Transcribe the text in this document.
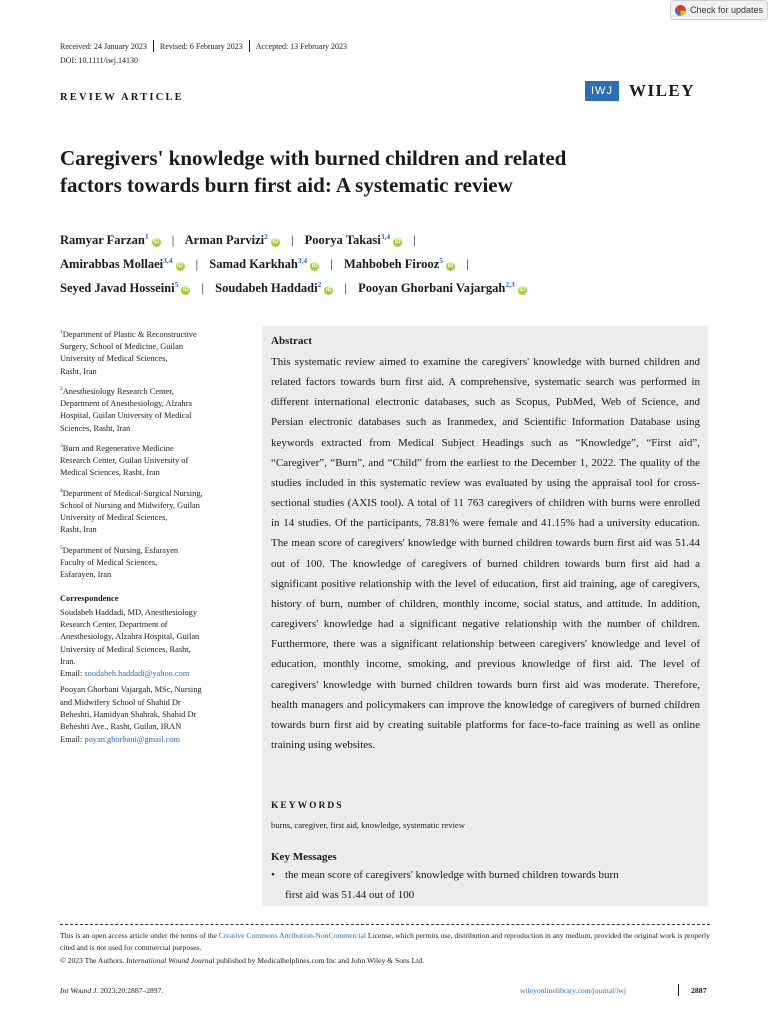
Check for updates
Received: 24 January 2023 Revised: 6 February 2023 Accepted: 13 February 2023
DOI: 10.1111/iwj.14130
REVIEW ARTICLE
IWJ WILEY
Caregivers' knowledge with burned children and related
factors towards burn first aid: A systematic review
Ramyar Farzan$^1$iD | Arman Parvizi$^2$iD | Poorya Takasi$^{3,4}$iD |
Amirabbas Mollaei$^{3,4}$iD | Samad Karkhah$^{3,4}$iD | Mahbobeh Firooz$^5$iD |
Seyed Javad Hosseini$^5$iD | Soudabeh Haddadi$^2$iD | Pooyan Ghorbani Vajargah$^{2,3}$iD
$^1$Department of Plastic & Reconstructive
Surgery, School of Medicine, Guilan
University of Medical Sciences,
Rasht, Iran
$^2$Anesthesiology Research Center,
Department of Anesthesiology, Alzahra
Hospital, Guilan University of Medical
Sciences, Rasht, Iran
$^3$Burn and Regenerative Medicine
Research Center, Guilan University of
Medical Sciences, Rasht, Iran
$^4$Department of Medical-Surgical Nursing,
School of Nursing and Midwifery, Guilan
University of Medical Sciences,
Rasht, Iran
$^5$Department of Nursing, Esfarayen
Faculty of Medical Sciences,
Esfarayen, Iran
Correspondence
Soudabeh Haddadi, MD, Anesthesiology
Research Center, Department of
Anesthesiology, Alzahra Hospital, Guilan
University of Medical Sciences, Rasht,
Iran.
Email: soudabeh.haddadi@yahoo.com
Pooyan Ghorbani Vajargah, MSc, Nursing
and Midwifery School of Shahid Dr
Beheshti, Hamidyan Shahrak, Shahid Dr
Beheshti Ave., Rasht, Guilan, IRAN
Email: poyan.ghorbani@gmail.com
Abstract

This systematic review aimed to examine the caregivers' knowledge with burned children and related factors towards burn first aid. A comprehensive, systematic search was performed in different international electronic databases, such as Scopus, PubMed, Web of Science, and Persian electronic databases such as Iranmedex, and Scientific Information Database using keywords extracted from Medical Subject Headings such as “Knowledge”, “First aid”, “Caregiver”, “Burn”, and “Child” from the earliest to the December 1, 2022. The quality of the studies included in this systematic review was evaluated by using the appraisal tool for cross-sectional studies (AXIS tool). A total of 11 763 caregivers of children with burns were enrolled in 14 studies. Of the participants, 78.81% were female and 41.15% had a university education. The mean score of caregivers' knowledge with burned children towards burn first aid was 51.44 out of 100. The knowledge of caregivers of burned children towards burn first aid had a significant positive relationship with the level of education, first aid training, age of caregivers, history of burn, number of children, monthly income, social status, and attitude. In addition, caregivers' knowledge had a significant negative relationship with the number of children. Furthermore, there was a significant relationship between caregivers' knowledge and level of education, monthly income, smoking, and previous knowledge of first aid. The level of caregivers' knowledge with burned children towards burn first aid was moderate. Therefore, health managers and policymakers can improve the knowledge of caregivers of burned children towards burn first aid by creating suitable platforms for face-to-face training as well as online training using websites.

KEYWORDS
burns, caregiver, first aid, knowledge, systematic review
Key Messages
• the mean score of caregivers' knowledge with burned children towards burn
first aid was 51.44 out of 100
This is an open access article under the terms of the Creative Commons Attribution-NonCommercial License, which permits use, distribution and reproduction in any medium, provided the original work is properly cited and is not used for commercial purposes.
© 2023 The Authors. International Wound Journal published by Medicalhelplines.com Inc and John Wiley & Sons Ltd.
Int Wound J. 2023;20:2887–2897.	wileyonlinelibrary.com/journal/iwj	2887
